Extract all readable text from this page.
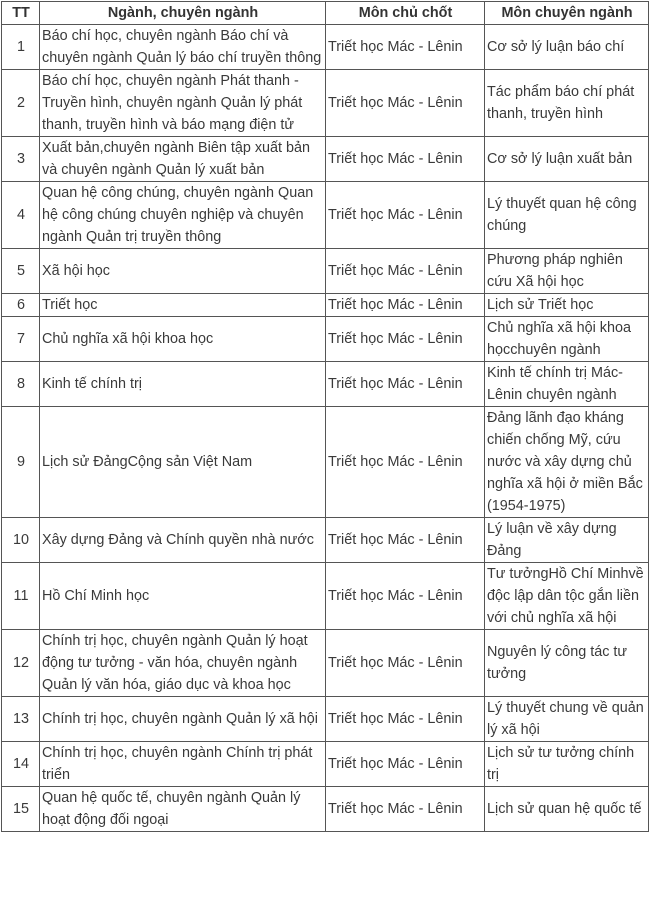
TT	Ngành, chuyên ngành	Môn chủ chốt	Môn chuyên ngành
1	Báo chí học, chuyên ngành Báo chí và chuyên ngành Quản lý báo chí truyền thông	Triết học Mác - Lênin	Cơ sở lý luận báo chí
2	Báo chí học, chuyên ngành Phát thanh - Truyền hình, chuyên ngành Quản lý phát thanh, truyền hình và báo mạng điện tử	Triết học Mác - Lênin	Tác phẩm báo chí phát thanh, truyền hình
3	Xuất bản,chuyên ngành Biên tập xuất bản và chuyên ngành Quản lý xuất bản	Triết học Mác - Lênin	Cơ sở lý luận xuất bản
4	Quan hệ công chúng, chuyên ngành Quan hệ công chúng chuyên nghiệp và chuyên ngành Quản trị truyền thông	Triết học Mác - Lênin	Lý thuyết quan hệ công chúng
5	Xã hội học	Triết học Mác - Lênin	Phương pháp nghiên cứu Xã hội học
6	Triết học	Triết học Mác - Lênin	Lịch sử Triết học
7	Chủ nghĩa xã hội khoa học	Triết học Mác - Lênin	Chủ nghĩa xã hội khoa họcchuyên ngành
8	Kinh tế chính trị	Triết học Mác - Lênin	Kinh tế chính trị Mác-Lênin chuyên ngành
9	Lịch sử ĐảngCộng sản Việt Nam	Triết học Mác - Lênin	Đảng lãnh đạo kháng chiến chống Mỹ, cứu nước và xây dựng chủ nghĩa xã hội ở miền Bắc (1954-1975)
10	Xây dựng Đảng và Chính quyền nhà nước	Triết học Mác - Lênin	Lý luận về xây dựng Đảng
11	Hồ Chí Minh học	Triết học Mác - Lênin	Tư tưởngHồ Chí Minhvề độc lập dân tộc gắn liền với chủ nghĩa xã hội
12	Chính trị học, chuyên ngành Quản lý hoạt động tư tưởng - văn hóa, chuyên ngành Quản lý văn hóa, giáo dục và khoa học	Triết học Mác - Lênin	Nguyên lý công tác tư tưởng
13	Chính trị học, chuyên ngành Quản lý xã hội	Triết học Mác - Lênin	Lý thuyết chung về quản lý xã hội
14	Chính trị học, chuyên ngành Chính trị phát triển	Triết học Mác - Lênin	Lịch sử tư tưởng chính trị
15	Quan hệ quốc tế, chuyên ngành Quản lý hoạt động đối ngoại	Triết học Mác - Lênin	Lịch sử quan hệ quốc tế
